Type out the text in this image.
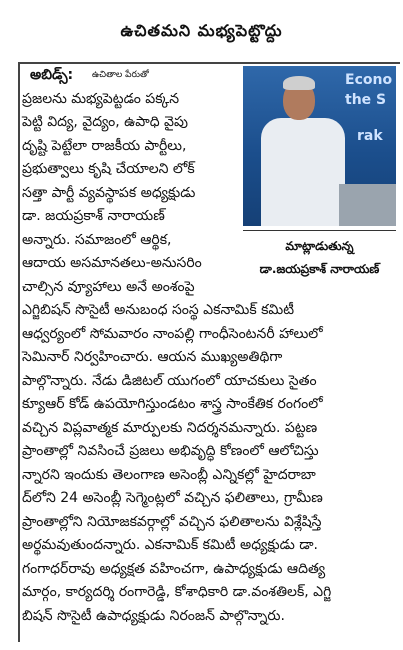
ఉచితమని మభ్యపెట్టొద్దు
Econo
the S
rak
మాట్లాడుతున్న
డా.జయప్రకాశ్ నారాయణ్
అబిడ్స్:	ఉచితాల పేరుతో
ప్రజలను మభ్యపెట్టడం పక్కన
పెట్టి విద్య, వైద్యం, ఉపాధి వైపు
దృష్టి పెట్టేలా రాజకీయ పార్టీలు,
ప్రభుత్వాలు కృషి చేయాలని లోక్
సత్తా పార్టీ వ్యవస్థాపక అధ్యక్షుడు
డా. జయప్రకాశ్ నారాయణ్
అన్నారు. సమాజంలో ఆర్థిక,
ఆదాయ అసమానతలు-అనుసరిం
చాల్సిన వ్యూహాలు అనే అంశంపై
ఎగ్జిబిషన్ సొసైటీ అనుబంధ సంస్థ ఎకనామిక్ కమిటీ
ఆధ్వర్యంలో సోమవారం నాంపల్లి గాంధీసెంటనరీ హాలులో
సెమినార్ నిర్వహించారు. ఆయన ముఖ్యఅతిథిగా
పాల్గొన్నారు. నేడు డిజిటల్ యుగంలో యాచకులు సైతం
క్యూఆర్ కోడ్ ఉపయోగిస్తుండటం శాస్త్ర సాంకేతిక రంగంలో
వచ్చిన విప్లవాత్మక మార్పులకు నిదర్శనమన్నారు. పట్టణ
ప్రాంతాల్లో నివసించే ప్రజలు అభివృద్ధి కోణంలో ఆలోచిస్తు
న్నారని ఇందుకు తెలంగాణ అసెంబ్లీ ఎన్నికల్లో హైదరాబా
ద్‌లోని 24 అసెంబ్లీ సెగ్మెంట్లలో వచ్చిన ఫలితాలు, గ్రామీణ
ప్రాంతాల్లోని నియోజకవర్గాల్లో వచ్చిన ఫలితాలను విశ్లేషిస్తే
అర్థమవుతుందన్నారు. ఎకనామిక్ కమిటీ అధ్యక్షుడు డా.
గంగాధర్‌రావు అధ్యక్షత వహించగా, ఉపాధ్యక్షుడు ఆదిత్య
మార్గం, కార్యదర్శి రంగారెడ్డి, కోశాధికారి డా.వంశతిలక్, ఎగ్జి
బిషన్ సొసైటీ ఉపాధ్యక్షుడు నిరంజన్ పాల్గొన్నారు.
